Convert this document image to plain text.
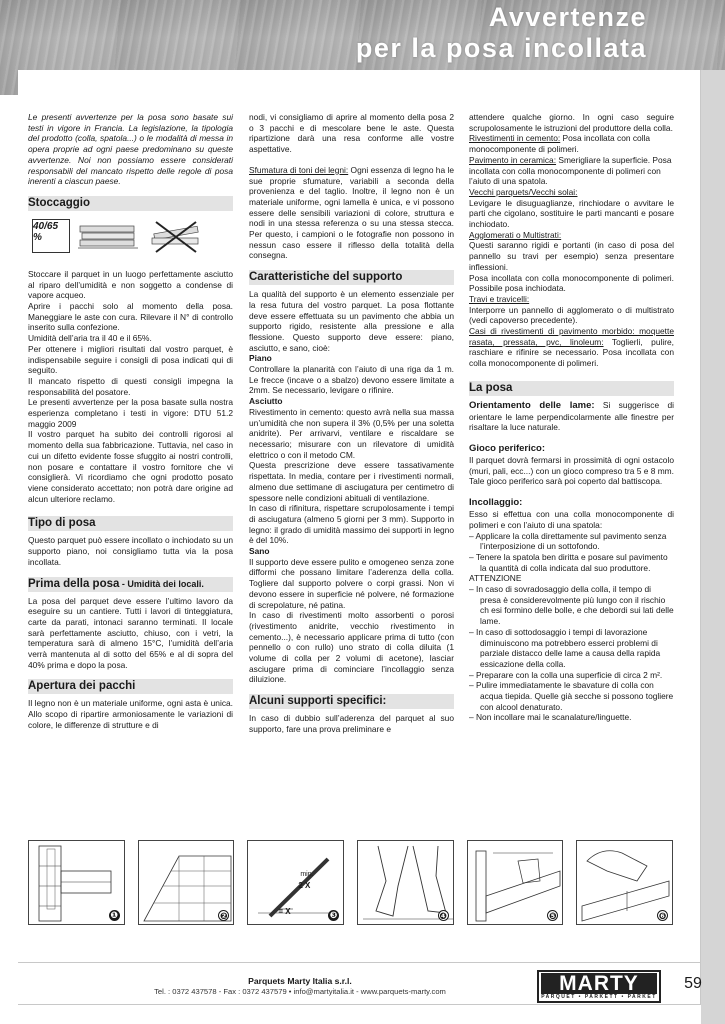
Avvertenze
per la posa incollata

Le presenti avvertenze per la posa sono basate sui testi in vigore in Francia. La legislazione, la tipologia del prodotto (colla, spatola...) o le modalità di messa in opera proprie ad ogni paese predominano su queste avvertenze. Noi non possiamo essere considerati responsabili del mancato rispetto delle regole di posa inerenti a ciascun paese.

Stoccaggio
40/65 %

Stoccare il parquet in un luogo perfettamente asciutto al riparo dell’umidità e non soggetto a condense di vapore acqueo.

Aprire i pacchi solo al momento della posa. Maneggiare le aste con cura. Rilevare il N° di controllo inserito sulla confezione.

Umidità dell’aria tra il 40 e il 65%.

Per ottenere i migliori risultati dal vostro parquet, è indispensabile seguire i consigli di posa indicati qui di seguito.

Il mancato rispetto di questi consigli impegna la responsabilità del posatore.

Le presenti avvertenze per la posa basate sulla nostra esperienza completano i testi in vigore: DTU 51.2 maggio 2009

Il vostro parquet ha subito dei controlli rigorosi al momento della sua fabbricazione. Tuttavia, nel caso in cui un difetto evidente fosse sfuggito ai nostri controlli, non posare e contattare il vostro fornitore che vi consiglierà. Vi ricordiamo che ogni prodotto posato viene considerato accettato; non potrà dare origine ad alcun ulteriore reclamo.

Tipo di posa

Questo parquet può essere incollato o inchiodato su un supporto piano, noi consigliamo tutta via la posa incollata.

Prima della posa - Umidità dei locali.

La posa del parquet deve essere l’ultimo lavoro da eseguire su un cantiere. Tutti i lavori di tinteggiatura, carte da parati, intonaci saranno terminati. Il locale sarà perfettamente asciutto, chiuso, con i vetri, la temperatura sarà di almeno 15°C, l’umidità dell’aria verrà mantenuta al di sotto del 65% e al di sopra del 40% prima e dopo la posa.

Apertura dei pacchi

Il legno non è un materiale uniforme, ogni asta è unica. Allo scopo di ripartire armoniosamente le variazioni di colore, le differenze di strutture e di

nodi, vi consigliamo di aprire al momento della posa 2 o 3 pacchi e di mescolare bene le aste. Questa ripartizione darà una resa conforme alle vostre aspettative.

Sfumatura di toni dei legni: Ogni essenza di legno ha le sue proprie sfumature, variabili a seconda della provenienza e del taglio. Inoltre, il legno non è un materiale uniforme, ogni lamella è unica, e vi possono essere delle sensibili variazioni di colore, struttura e nodi in una stessa referenza o su una stessa stecca. Per questo, i campioni o le fotografie non possono in nessun caso essere il riflesso della totalità della consegna.

Caratteristiche del supporto

La qualità del supporto è un elemento essenziale per la resa futura del vostro parquet. La posa flottante deve essere effettuata su un pavimento che abbia un supporto rigido, resistente alla pressione e alla flessione. Questo supporto deve essere: piano, asciutto, e sano, cioè:

Piano

Controllare la planarità con l’aiuto di una riga da 1 m. Le frecce (incave o a sbalzo) devono essere limitate a 2mm. Se necessario, levigare o rifinire.

Asciutto

Rivestimento in cemento: questo avrà nella sua massa un’umidità che non supera il 3% (0,5% per una soletta anidrite). Per arrivarvi, ventilare e riscaldare se necessario; misurare con un rilevatore di umidità elettrico o con il metodo CM.

Questa prescrizione deve essere tassativamente rispettata. In media, contare per i rivestimenti normali, almeno due settimane di asciugatura per centimetro di spessore nelle condizioni abituali di ventilazione.

In caso di rifinitura, rispettare scrupolosamente i tempi di asciugatura (almeno 5 giorni per 3 mm). Supporto in legno: il grado di umidità massimo dei supporti in legno è del 10%.

Sano

Il supporto deve essere pulito e omogeneo senza zone difformi che possano limitare l’aderenza della colla. Togliere dal supporto polvere o corpi grassi. Non vi devono essere in superficie né polvere, né formazione di screpolature, né patina.

In caso di rivestimenti molto assorbenti o porosi (rivestimento anidrite, vecchio rivestimento in cemento...), è necessario applicare prima di tutto (con pennello o con rullo) uno strato di colla diluita (1 volume di colla per 2 volumi di acetone), lasciar asciugare prima di cominciare l’incollaggio senza diluizione.

Alcuni supporti specifici:

In caso di dubbio sull’aderenza del parquet al suo supporto, fare una prova preliminare e

attendere qualche giorno. In ogni caso seguire scrupolosamente le istruzioni del produttore della colla.

Rivestimenti in cemento: Posa incollata con colla monocomponente di polimeri.

Pavimento in ceramica: Smerigliare la superficie. Posa incollata con colla monocomponente di polimeri con l’aiuto di una spatola.

Vecchi parquets/Vecchi solai:

Levigare le disuguaglianze, rinchiodare o avvitare le parti che cigolano, sostituire le parti mancanti e posare inchiodato.

Agglomerati o Multistrati:

Questi saranno rigidi e portanti (in caso di posa del pannello su travi per esempio) senza presentare inflessioni.

Posa incollata con colla monocomponente di polimeri. Possibile posa inchiodata.

Travi e travicelli:

Interporre un pannello di agglomerato o di multistrato (vedi capoverso precedente).

Casi di rivestimenti di pavimento morbido: moquette rasata, pressata, pvc, linoleum: Toglierli, pulire, raschiare e rifinire se necessario. Posa incollata con colla monocomponente di polimeri.

La posa

Orientamento delle lame: Si suggerisce di orientare le lame perpendicolarmente alle finestre per risaltare la luce naturale.

Gioco periferico:

Il parquet dovrà fermarsi in prossimità di ogni ostacolo (muri, pali, ecc...) con un gioco compreso tra 5 e 8 mm. Tale gioco periferico sarà poi coperto dal battiscopa.

Incollaggio:

Esso si effettua con una colla monocomponente di polimeri e con l’aiuto di una spatola:

– Applicare la colla direttamente sul pavimento senza l’interposizione di un sottofondo.
– Tenere la spatola ben diritta e posare sul pavimento la quantità di colla indicata dal suo produttore.

ATTENZIONE

– In caso di sovradosaggio della colla, il tempo di presa è considerevolmente più lungo con il rischio ch esi formino delle bolle, e che debordi sui lati delle lame.
– In caso di sottodosaggio i tempi di lavorazione diminuiscono ma potrebbero esserci problemi di parziale distacco delle lame a causa della rapida essicazione della colla.
– Preparare con la colla una superficie di circa 2 m².
– Pulire immediatamente le sbavature di colla con acqua tiepida. Quelle già secche si possono togliere con alcool denaturato.
– Non incollare mai le scanalature/linguette.
❶	❷
min.
2 X
= X	❸	❹	❺	❻
Parquets Marty Italia s.r.l.
Tel. : 0372 437578 - Fax : 0372 437579 • info@martyitalia.it - www.parquets-marty.com	MARTY
PARQUET • PARKETT • PARKET
59
